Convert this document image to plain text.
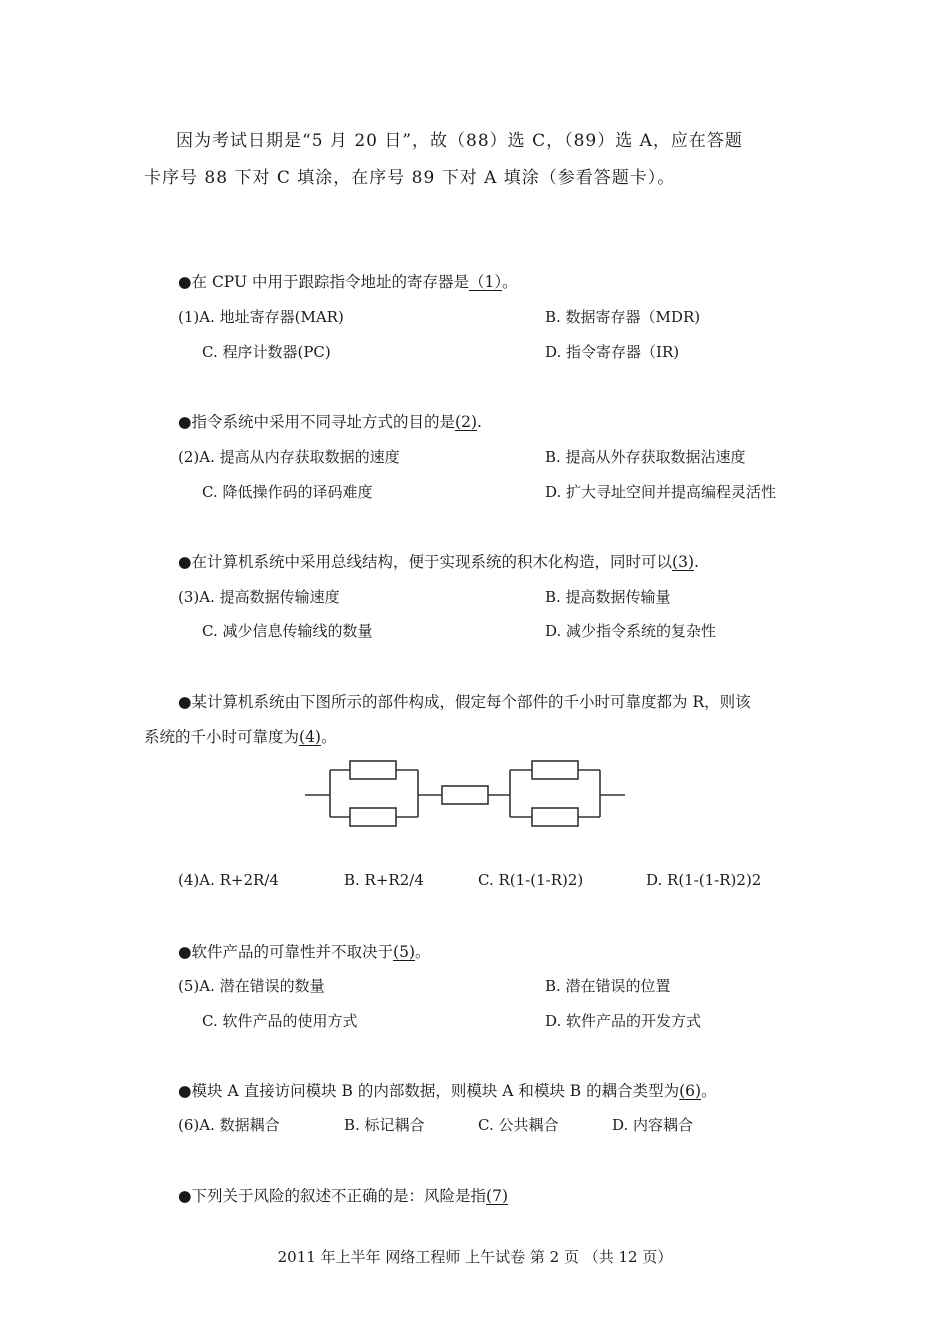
因为考试日期是“5 月 20 日”，故（88）选 C，（89）选 A，应在答题
卡序号 88 下对 C 填涂，在序号 89 下对 A 填涂（参看答题卡）。
●在 CPU 中用于跟踪指令地址的寄存器是（1）。
(1)A. 地址寄存器(MAR)	B. 数据寄存器（MDR)
C. 程序计数器(PC)	D. 指令寄存器（IR)
●指令系统中采用不同寻址方式的目的是(2).
(2)A. 提高从内存获取数据的速度	B. 提高从外存获取数据沾速度
C. 降低操作码的译码难度	D. 扩大寻址空间并提高编程灵活性
●在计算机系统中采用总线结构，便于实现系统的积木化构造，同时可以(3).
(3)A. 提高数据传输速度	B. 提高数据传输量
C. 减少信息传输线的数量	D. 减少指令系统的复杂性
●某计算机系统由下图所示的部件构成，假定每个部件的千小时可靠度都为 R，则该
系统的千小时可靠度为(4)。
(4)A. R+2R/4	B. R+R2/4	C. R(1-(1-R)2)	D. R(1-(1-R)2)2
●软件产品的可靠性并不取决于(5)。
(5)A. 潜在错误的数量	B. 潜在错误的位置
C. 软件产品的使用方式	D. 软件产品的开发方式
●模块 A 直接访问模块 B 的内部数据，则模块 A 和模块 B 的耦合类型为(6)。
(6)A. 数据耦合	B. 标记耦合	C. 公共耦合	D. 内容耦合
●下列关于风险的叙述不正确的是：风险是指(7)
2011 年上半年 网络工程师 上午试卷 第 2 页 （共 12 页）
